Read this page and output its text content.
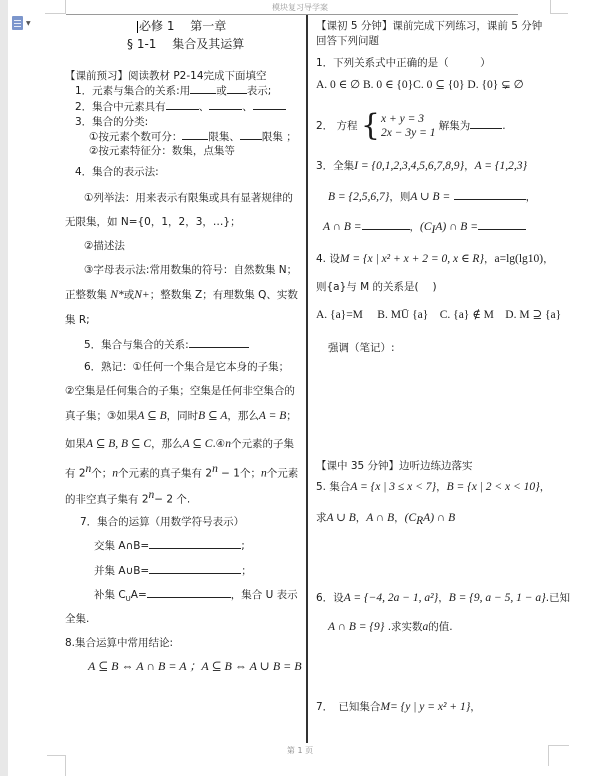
▼
模块复习导学案
必修 1　 第一章
§ 1-1　 集合及其运算
【课前预习】阅读教材 P2-14完成下面填空
1．元素与集合的关系:用 或 表示;
2．集合中元素具有	、	、
3．集合的分类:
①按元素个数可分： 限集、 限集 ；
②按元素特征分：数集，点集等
4．集合的表示法:
①列举法：用来表示有限集或具有显著规律的
无限集，如 N={0，1，2，3，…}；
②描述法
③字母表示法:常用数集的符号：自然数集 N；
正整数集 N*或N+；整数集 Z；有理数集 Q、实数
集 R;
5．集合与集合的关系:
6．熟记：①任何一个集合是它本身的子集；
②空集是任何集合的子集；空集是任何非空集合的
真子集；③如果A ⊆ B，同时B ⊆ A，那么A = B；
如果A ⊆ B, B ⊆ C，那么A ⊆ C.④n个元素的子集
有 2$^n$个；n个元素的真子集有 $2^n - 1$个；n个元素
的非空真子集有 $2^n- 2$ 个.
7．集合的运算（用数学符号表示）
交集 A∩B=	;
并集 A∪B=	；
补集 $C_UA=$	，集合 U 表示
全集.
8.集合运算中常用结论:
A ⊆ B ⇔ A ∩ B = A ；A ⊆ B ⇔ A ∪ B = B
【课初 5 分钟】课前完成下列练习，课前 5 分钟
回答下列问题
1．下列关系式中正确的是（　　　）
A. 0 ∈ ∅ B. 0 ∈ {0}C. 0 ⊆ {0} D. {0} ⊊ ∅
2． 方程 { x + y = 3
2x − 3y = 1
解集为	.
3．全集I = {0,1,2,3,4,5,6,7,8,9}，A = {1,2,3}
B = {2,5,6,7}，则A ∪ B =	，
A ∩ B =	，$(C_IA)$ ∩ B =
4. 设M = {x | x² + x + 2 = 0, x ∈ R}，a=lg(lg10)，
则{a}与 M 的关系是(　 )
A. {a}=M　 B. MŪ {a}　C. {a} ∉ M　D. M ⊇ {a}
强调（笔记）:
【课中 35 分钟】边听边练边落实
5. 集合A = {x | 3 ≤ x < 7}，B = {x | 2 < x < 10}，
求A ∪ B，A ∩ B，$(C_RA)$ ∩ B
6．设A = {−4, 2a − 1, a²}，B = {9, a − 5, 1 − a}.已知
A ∩ B = {9} .求实数a的值.
7．　已知集合M= {y | y = x² + 1}，
第 1 页
